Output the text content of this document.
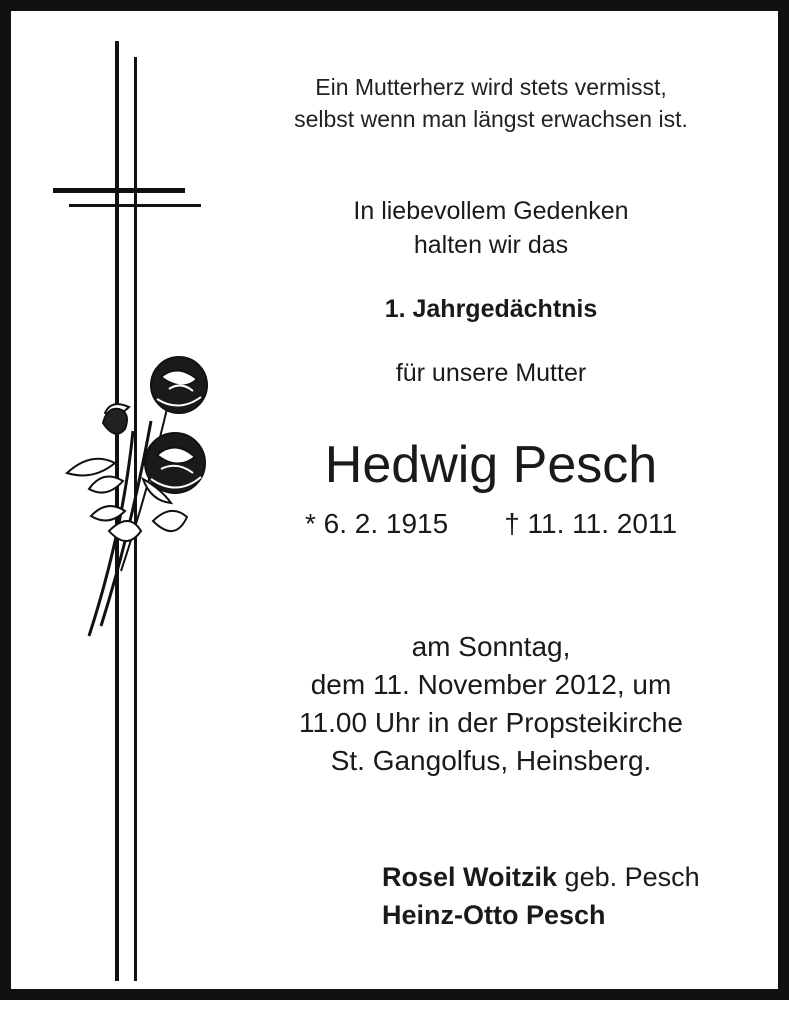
Ein Mutterherz wird stets vermisst,
selbst wenn man längst erwachsen ist.
In liebevollem Gedenken
halten wir das
1. Jahrgedächtnis
für unsere Mutter
Hedwig Pesch
* 6. 2. 1915 † 11. 11. 2011
am Sonntag,
dem 11. November 2012, um
11.00 Uhr in der Propsteikirche
St. Gangolfus, Heinsberg.
Rosel Woitzik geb. Pesch
Heinz-Otto Pesch
